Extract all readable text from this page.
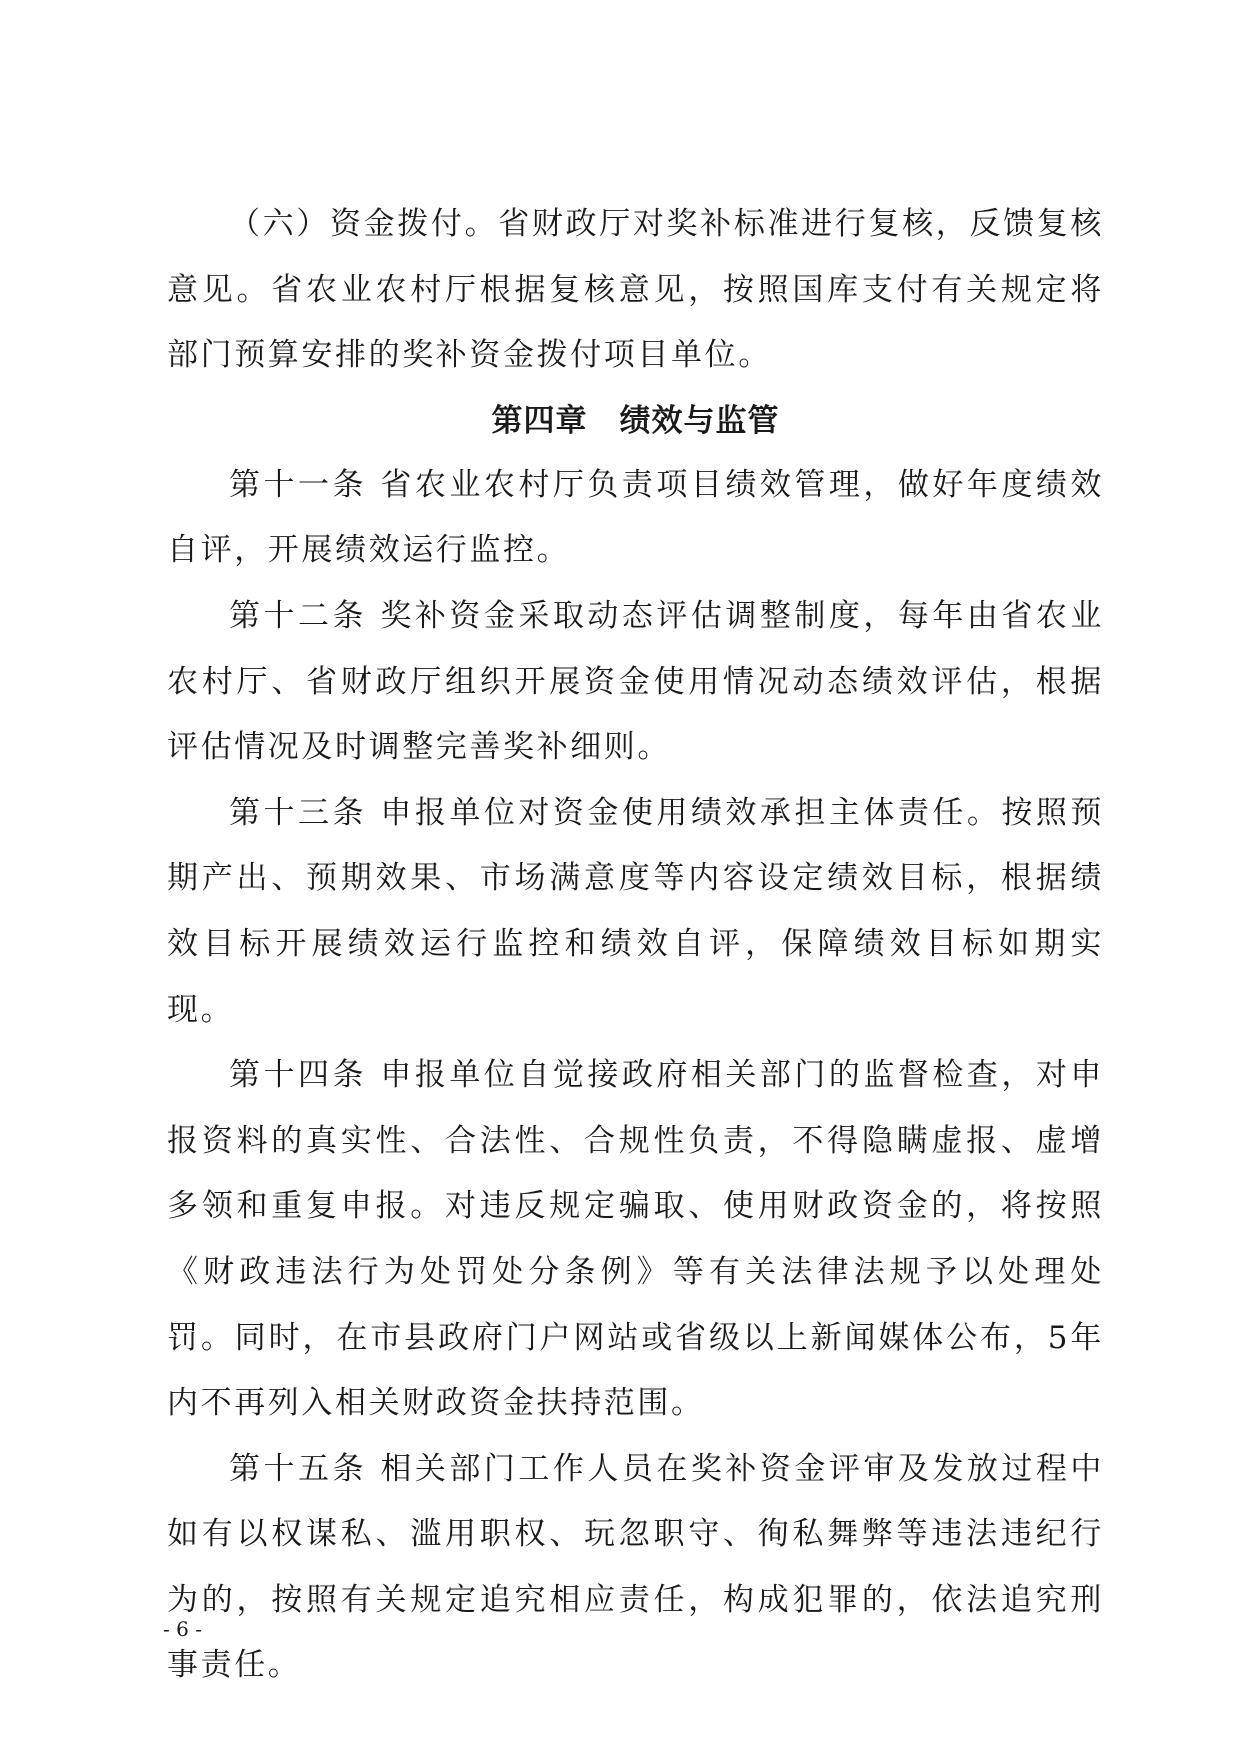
（六）资金拨付。省财政厅对奖补标准进行复核，反馈复核意见。省农业农村厅根据复核意见，按照国库支付有关规定将部门预算安排的奖补资金拨付项目单位。

第四章　绩效与监管

第十一条 省农业农村厅负责项目绩效管理，做好年度绩效自评，开展绩效运行监控。

第十二条 奖补资金采取动态评估调整制度，每年由省农业农村厅、省财政厅组织开展资金使用情况动态绩效评估，根据评估情况及时调整完善奖补细则。

第十三条 申报单位对资金使用绩效承担主体责任。按照预期产出、预期效果、市场满意度等内容设定绩效目标，根据绩效目标开展绩效运行监控和绩效自评，保障绩效目标如期实现。

第十四条 申报单位自觉接政府相关部门的监督检查，对申报资料的真实性、合法性、合规性负责，不得隐瞒虚报、虚增多领和重复申报。对违反规定骗取、使用财政资金的，将按照《财政违法行为处罚处分条例》等有关法律法规予以处理处罚。同时，在市县政府门户网站或省级以上新闻媒体公布，5年内不再列入相关财政资金扶持范围。

第十五条 相关部门工作人员在奖补资金评审及发放过程中如有以权谋私、滥用职权、玩忽职守、徇私舞弊等违法违纪行为的，按照有关规定追究相应责任，构成犯罪的，依法追究刑事责任。

- 6 -
